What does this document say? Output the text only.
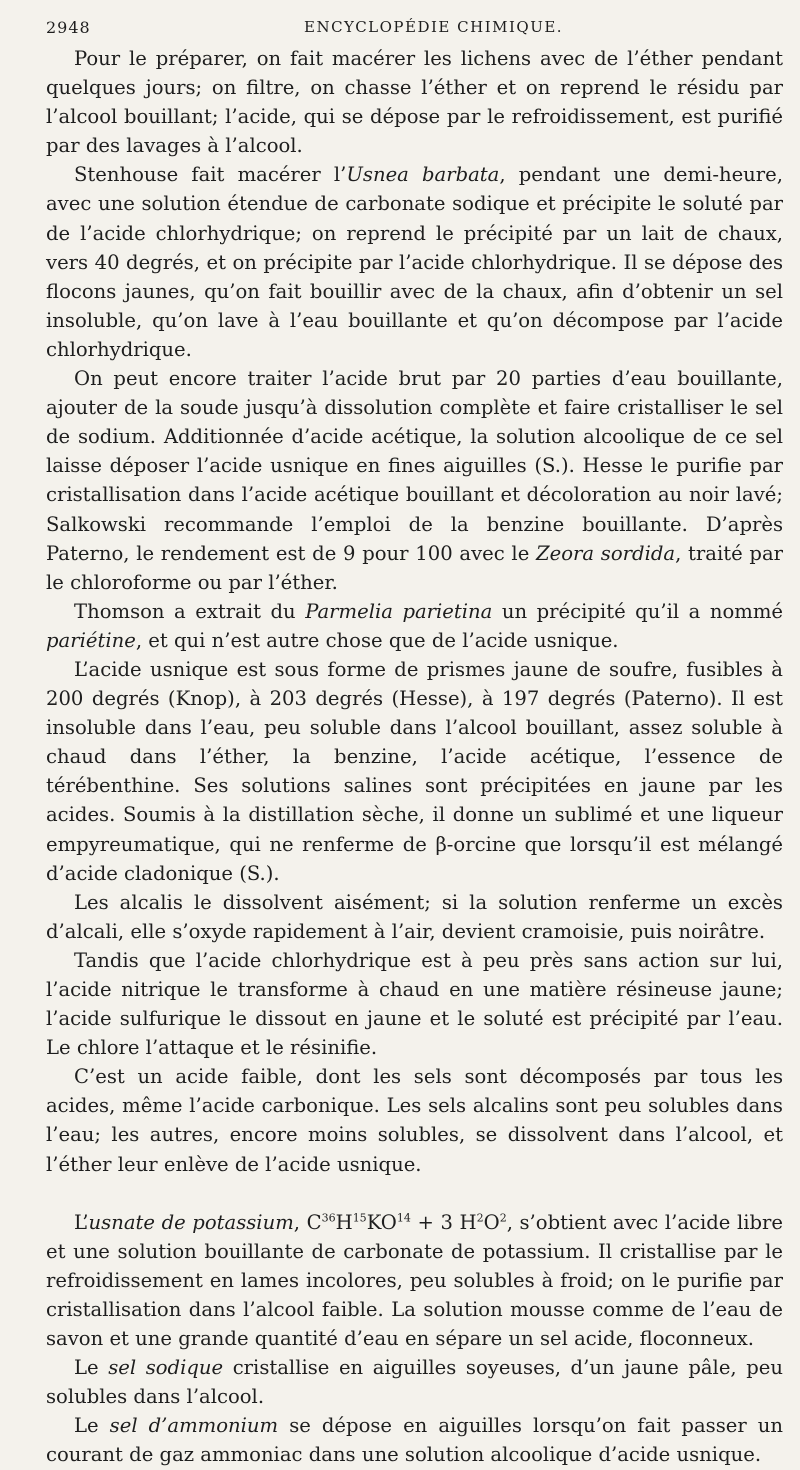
2948	ENCYCLOPÉDIE CHIMIQUE.

Pour le préparer, on fait macérer les lichens avec de l’éther pendant quelques jours; on filtre, on chasse l’éther et on reprend le résidu par l’alcool bouillant; l’acide, qui se dépose par le refroidissement, est purifié par des lavages à l’alcool.

Stenhouse fait macérer l’Usnea barbata, pendant une demi-heure, avec une solution étendue de carbonate sodique et précipite le soluté par de l’acide chlorhydrique; on reprend le précipité par un lait de chaux, vers 40 degrés, et on précipite par l’acide chlorhydrique. Il se dépose des flocons jaunes, qu’on fait bouillir avec de la chaux, afin d’obtenir un sel insoluble, qu’on lave à l’eau bouillante et qu’on décompose par l’acide chlorhydrique.

On peut encore traiter l’acide brut par 20 parties d’eau bouillante, ajouter de la soude jusqu’à dissolution complète et faire cristalliser le sel de sodium. Additionnée d’acide acétique, la solution alcoolique de ce sel laisse déposer l’acide usnique en fines aiguilles (S.). Hesse le purifie par cristallisation dans l’acide acétique bouillant et décoloration au noir lavé; Salkowski recommande l’emploi de la benzine bouillante. D’après Paterno, le rendement est de 9 pour 100 avec le Zeora sordida, traité par le chloroforme ou par l’éther.

Thomson a extrait du Parmelia parietina un précipité qu’il a nommé pariétine, et qui n’est autre chose que de l’acide usnique.

L’acide usnique est sous forme de prismes jaune de soufre, fusibles à 200 degrés (Knop), à 203 degrés (Hesse), à 197 degrés (Paterno). Il est insoluble dans l’eau, peu soluble dans l’alcool bouillant, assez soluble à chaud dans l’éther, la benzine, l’acide acétique, l’essence de térébenthine. Ses solutions salines sont précipitées en jaune par les acides. Soumis à la distillation sèche, il donne un sublimé et une liqueur empyreumatique, qui ne renferme de β-orcine que lorsqu’il est mélangé d’acide cladonique (S.).

Les alcalis le dissolvent aisément; si la solution renferme un excès d’alcali, elle s’oxyde rapidement à l’air, devient cramoisie, puis noirâtre.

Tandis que l’acide chlorhydrique est à peu près sans action sur lui, l’acide nitrique le transforme à chaud en une matière résineuse jaune; l’acide sulfurique le dissout en jaune et le soluté est précipité par l’eau. Le chlore l’attaque et le résinifie.

C’est un acide faible, dont les sels sont décomposés par tous les acides, même l’acide carbonique. Les sels alcalins sont peu solubles dans l’eau; les autres, encore moins solubles, se dissolvent dans l’alcool, et l’éther leur enlève de l’acide usnique.

L’usnate de potassium, $C^{36}H^{15}KO^{14} + 3$ $H^2O^2$, s’obtient avec l’acide libre et une solution bouillante de carbonate de potassium. Il cristallise par le refroidissement en lames incolores, peu solubles à froid; on le purifie par cristallisation dans l’alcool faible. La solution mousse comme de l’eau de savon et une grande quantité d’eau en sépare un sel acide, floconneux.

Le sel sodique cristallise en aiguilles soyeuses, d’un jaune pâle, peu solubles dans l’alcool.

Le sel d’ammonium se dépose en aiguilles lorsqu’on fait passer un courant de gaz ammoniac dans une solution alcoolique d’acide usnique.
